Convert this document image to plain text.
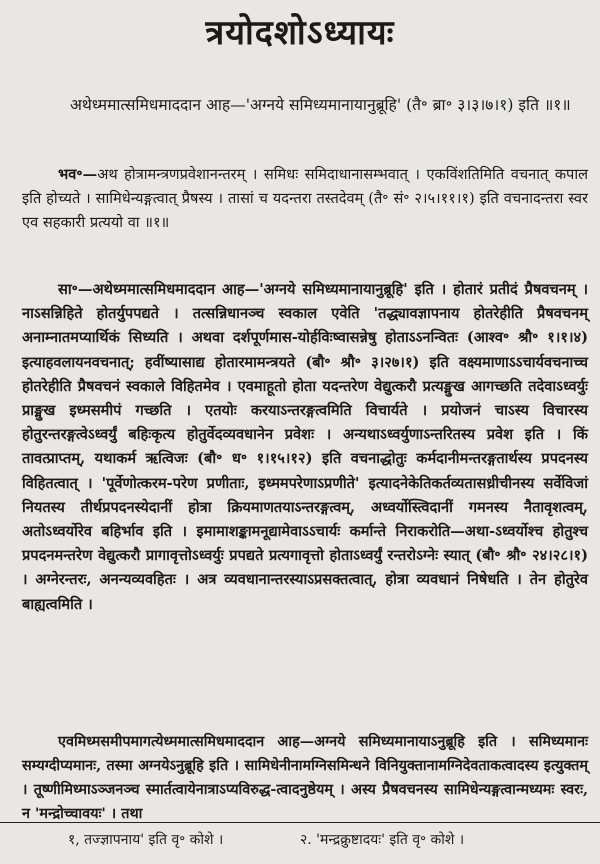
त्रयोदशोऽध्यायः
अथेध्ममात्समिधमाददान आह—'अग्नये समिध्यमानायानुब्रूहि' (तै॰ ब्रा॰ ३।३।७।१) इति ॥१॥
भव॰—अथ होत्रामन्त्रणप्रवेशानन्तरम् । समिधः समिदाधानासम्भवात् । एकविंशतिमिति वचनात् कपाल इति होच्यते । सामिधेन्यङ्गत्वात् प्रैषस्य । तासां च यदन्तरा तस्तदेवम् (तै॰ सं॰ २।५।११।१) इति वचनादन्तरा स्वर एव सहकारी प्रत्ययो वा ॥१॥
सा॰—अथेध्ममात्समिधमाददान आह—'अग्नये समिध्यमानायानुब्रूहि' इति । होतारं प्रतीदं प्रैषवचनम् । नाऽसन्निहिते होतर्युपपद्यते । तत्सन्निधानञ्च स्वकाल एवेति 'तद्ध्यावज्ञापनाय होतरेहीति प्रैषवचनम् अनाम्नातमप्यार्थिकं सिध्यति । अथवा दर्शपूर्णमास-योर्हविःष्वासन्नेषु होताऽऽनन्वितः (आश्व॰ श्रौ॰ १।१।४) इत्याहवलायनवचनात्; हवींष्यासाद्य होतारमामन्त्रयते (बौ॰ श्रौ॰ ३।२७।१) इति वक्ष्यमाणाऽऽचार्यवचनाच्च होतरेहीति प्रैषवचनं स्वकाले विहितमेव । एवमाहूतो होता यदन्तरेण वेद्युत्करौ प्रत्यङ्मुख आगच्छति तदेवाऽध्वर्युः प्राङ्मुख इध्मसमीपं गच्छति । एतयोः करयाऽन्तरङ्गत्वमिति विचार्यते । प्रयोजनं चाऽस्य विचारस्य होतुरन्तरङ्गत्वेऽध्वर्युं बहिःकृत्य होतुर्वेदव्यवधानेन प्रवेशः । अन्यथाऽध्वर्युणाऽन्तरितस्य प्रवेश इति । किं तावत्प्राप्तम्, यथाकर्म ऋत्विजः (बौ॰ ध॰ १।१५।१२) इति वचनाद्धोतुः कर्मदानीमन्तरङ्गतार्थस्य प्रपदनस्य विहितत्वात् । 'पूर्वेणोत्करम-परेण प्रणीताः, इध्ममपरेणाऽप्रणीते' इत्यादनेकेतिकर्तव्यतासध्रीचीनस्य सर्वेविजां नियतस्य तीर्थप्रपदनस्येदानीं होत्रा क्रियमाणतयाऽन्तरङ्गत्वम्, अध्वर्योस्त्विदानीं गमनस्य नैतावृशत्वम्, अतोऽध्वर्योरेव बहिर्भाव इति । इमामाशङ्कामनूद्यामेवाऽऽचार्यः कर्मान्ते निराकरोति—अथा-ऽध्वर्योश्च होतुश्च प्रपदनमन्तरेण वेद्युत्करौ प्रागावृत्तोऽध्वर्युः प्रपद्यते प्रत्यगावृत्तो होताऽध्वर्युं रन्तरोऽग्नेः स्यात् (बौ॰ श्रौ॰ २४।२८।१) । अग्नेरन्तरः, अनन्यव्यवहितः । अत्र व्यवधानान्तरस्याऽप्रसक्तत्वात्, होत्रा व्यवधानं निषेधति । तेन होतुरेव बाह्यत्वमिति ।
एवमिध्मसमीपमागत्येध्ममात्समिधमाददान आह—अग्नये समिध्यमानायाऽनुब्रूहि इति । समिध्यमानः सम्यग्दीप्यमानः, तस्मा अग्नयेऽनुब्रूहि इति । सामिधेनीनामग्निसमिन्धने विनियुक्तानामग्निदेवताकत्वादस्य इत्युक्तम् । तूष्णीमिध्माऽञ्जनञ्च स्मार्तत्वायेनात्राऽप्यविरुद्ध-त्वादनुष्ठेयम् । अस्य प्रैषवचनस्य सामिधेन्यङ्गत्वान्मध्यमः स्वरः, न 'मन्द्रोच्चावयः' । तथा
१, तज्ज्ञापनाय' इति वृ॰ कोशे ।	२. 'मन्द्रक्रुष्टादयः' इति वृ॰ कोशे ।
